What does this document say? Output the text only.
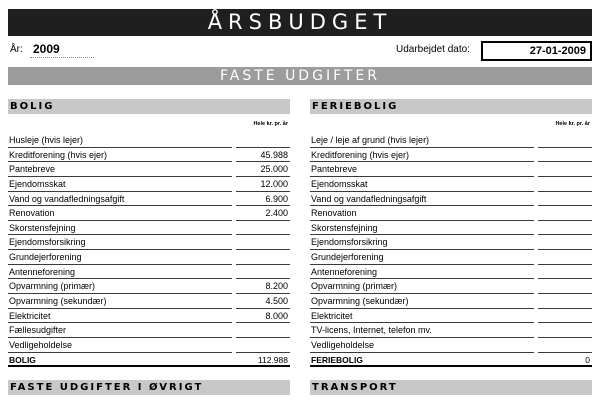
ÅRSBUDGET
År: 2009	Udarbejdet dato:	27-01-2009
FASTE UDGIFTER
BOLIG
Hele kr. pr. år
Husleje (hvis lejer)
Kreditforening (hvis ejer)	45.988
Pantebreve	25.000
Ejendomsskat	12.000
Vand og vandafledningsafgift	6.900
Renovation	2.400
Skorstensfejning
Ejendomsforsikring
Grundejerforening
Antenneforening
Opvarmning (primær)	8.200
Opvarmning (sekundær)	4.500
Elektricitet	8.000
Fællesudgifter
Vedligeholdelse
BOLIG	112.988
FERIEBOLIG
Hele kr. pr. år
Leje / leje af grund (hvis lejer)
Kreditforening (hvis ejer)
Pantebreve
Ejendomsskat
Vand og vandafledningsafgift
Renovation
Skorstensfejning
Ejendomsforsikring
Grundejerforening
Antenneforening
Opvarmning (primær)
Opvarmning (sekundær)
Elektricitet
TV-licens, Internet, telefon mv.
Vedligeholdelse
FERIEBOLIG	0
FASTE UDGIFTER I ØVRIGT	TRANSPORT
